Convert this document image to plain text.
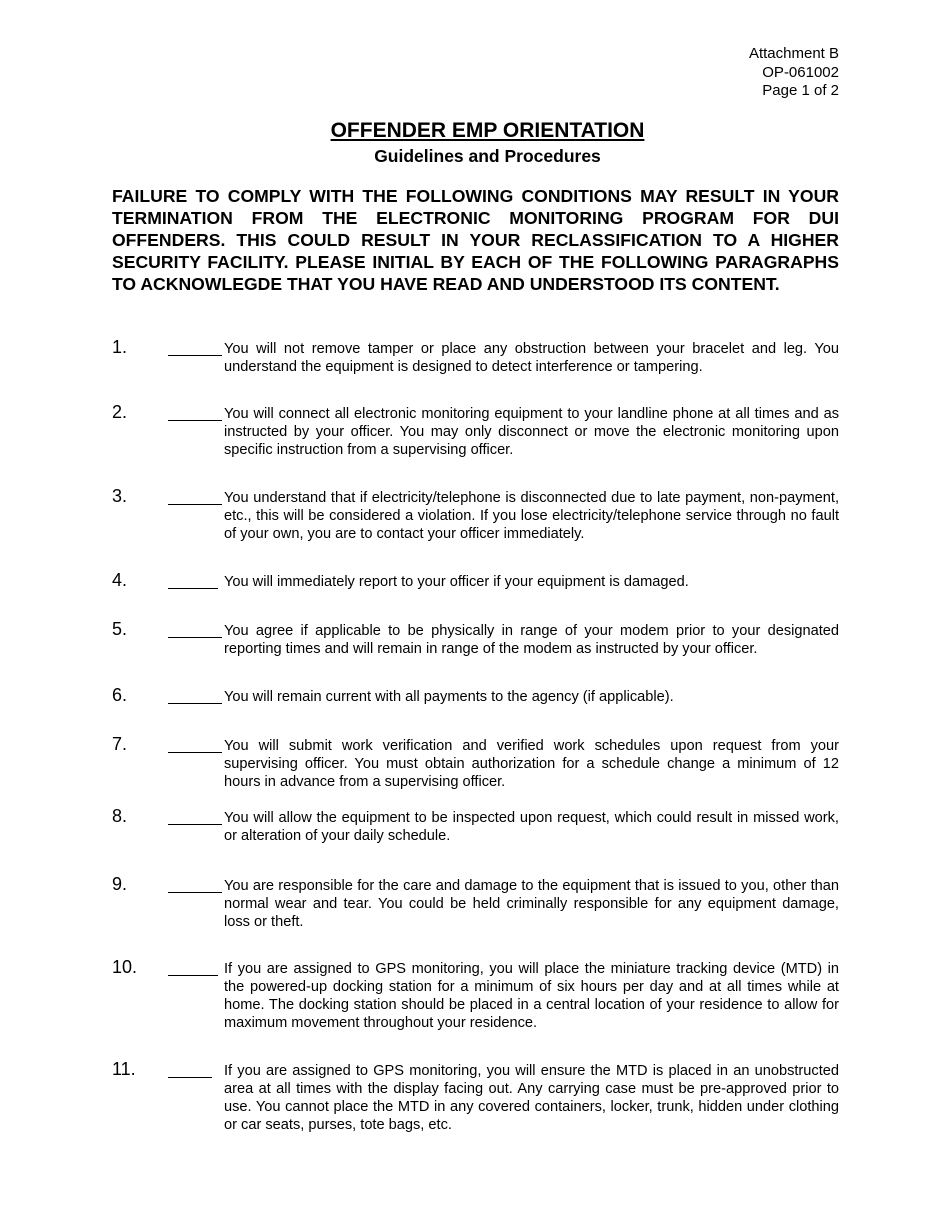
Attachment B
OP-061002
Page 1 of 2
OFFENDER EMP ORIENTATION
Guidelines and Procedures
FAILURE TO COMPLY WITH THE FOLLOWING CONDITIONS MAY RESULT IN YOUR TERMINATION FROM THE ELECTRONIC MONITORING PROGRAM FOR DUI OFFENDERS. THIS COULD RESULT IN YOUR RECLASSIFICATION TO A HIGHER SECURITY FACILITY. PLEASE INITIAL BY EACH OF THE FOLLOWING PARAGRAPHS TO ACKNOWLEGDE THAT YOU HAVE READ AND UNDERSTOOD ITS CONTENT.
1.	You will not remove tamper or place any obstruction between your bracelet and leg. You understand the equipment is designed to detect interference or tampering.
2.	You will connect all electronic monitoring equipment to your landline phone at all times and as instructed by your officer. You may only disconnect or move the electronic monitoring upon specific instruction from a supervising officer.
3.	You understand that if electricity/telephone is disconnected due to late payment, non-payment, etc., this will be considered a violation. If you lose electricity/telephone service through no fault of your own, you are to contact your officer immediately.
4.	You will immediately report to your officer if your equipment is damaged.
5.	You agree if applicable to be physically in range of your modem prior to your designated reporting times and will remain in range of the modem as instructed by your officer.
6.	You will remain current with all payments to the agency (if applicable).
7.	You will submit work verification and verified work schedules upon request from your supervising officer. You must obtain authorization for a schedule change a minimum of 12 hours in advance from a supervising officer.
8.	You will allow the equipment to be inspected upon request, which could result in missed work, or alteration of your daily schedule.
9.	You are responsible for the care and damage to the equipment that is issued to you, other than normal wear and tear. You could be held criminally responsible for any equipment damage, loss or theft.
10.	If you are assigned to GPS monitoring, you will place the miniature tracking device (MTD) in the powered-up docking station for a minimum of six hours per day and at all times while at home. The docking station should be placed in a central location of your residence to allow for maximum movement throughout your residence.
11.	If you are assigned to GPS monitoring, you will ensure the MTD is placed in an unobstructed area at all times with the display facing out. Any carrying case must be pre-approved prior to use. You cannot place the MTD in any covered containers, locker, trunk, hidden under clothing or car seats, purses, tote bags, etc.
